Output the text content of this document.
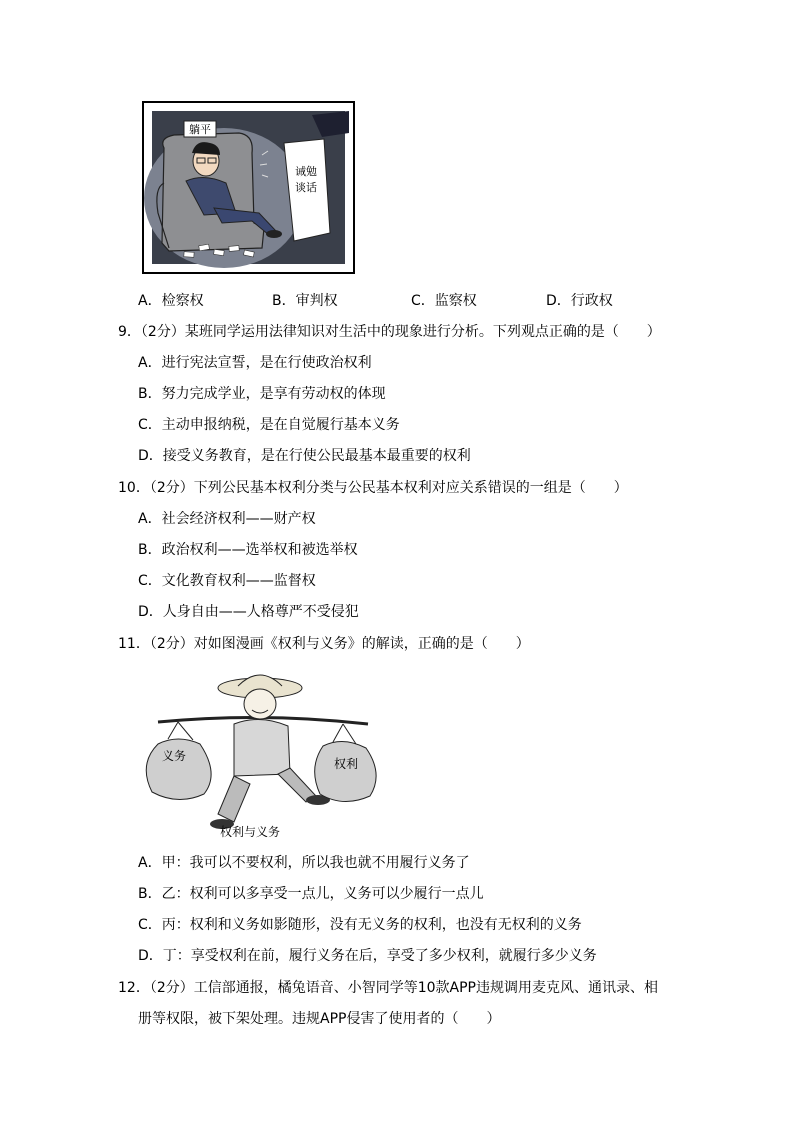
躺平
诫勉
谈话
A．检察权	B．审判权	C．监察权	D．行政权
9．（2分）某班同学运用法律知识对生活中的现象进行分析。下列观点正确的是（　　）
A．进行宪法宣誓，是在行使政治权利
B．努力完成学业，是享有劳动权的体现
C．主动申报纳税，是在自觉履行基本义务
D．接受义务教育，是在行使公民最基本最重要的权利
10．（2分）下列公民基本权利分类与公民基本权利对应关系错误的一组是（　　）
A．社会经济权利——财产权
B．政治权利——选举权和被选举权
C．文化教育权利——监督权
D．人身自由——人格尊严不受侵犯
11．（2分）对如图漫画《权利与义务》的解读，正确的是（　　）
义务
权利
权利与义务
A．甲：我可以不要权利，所以我也就不用履行义务了
B．乙：权利可以多享受一点儿，义务可以少履行一点儿
C．丙：权利和义务如影随形，没有无义务的权利，也没有无权利的义务
D．丁：享受权利在前，履行义务在后，享受了多少权利，就履行多少义务
12．（2分）工信部通报，橘兔语音、小智同学等10款APP违规调用麦克风、通讯录、相
册等权限，被下架处理。违规APP侵害了使用者的（　　）
